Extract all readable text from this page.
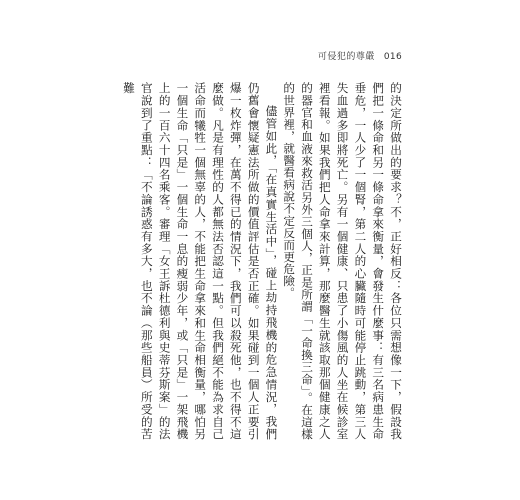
可侵犯的尊嚴 016

的決定所做出的要求？不，正好相反：各位只需想像一下，假設我們把一條命和另一條命拿來衡量，會發生什麼事：有三名病患生命垂危，一人少了一個腎，第二人的心臟隨時可能停止跳動，第三人失血過多即將死亡。另有一個健康、只患了小傷風的人坐在候診室裡看報。如果我們把人命拿來計算，那麼醫生就該取那個健康之人的器官和血液來救活另外三個人，正是所謂「一命換三命」。在這樣的世界裡，就醫看病說不定反而更危險。

儘管如此，「在真實生活中」，碰上劫持飛機的危急情況，我們仍舊會懷疑憲法所做的價值評估是否正確。如果碰到一個人正要引爆一枚炸彈，在萬不得已的情況下，我們可以殺死他，也不得不這麼做。凡是有理性的人都無法否認這一點。但我們絕不能為求自己活命而犧牲一個無辜的人，不能把生命拿來和生命相衡量，哪怕另一個生命「只是」一個生命一息的瘦弱少年，或「只是」一架飛機上的一百六十四名乘客。審理「女王訴杜德利與史蒂芬斯案」的法官說到了重點：「不論誘惑有多大，也不論（那些船員）所受的苦難
